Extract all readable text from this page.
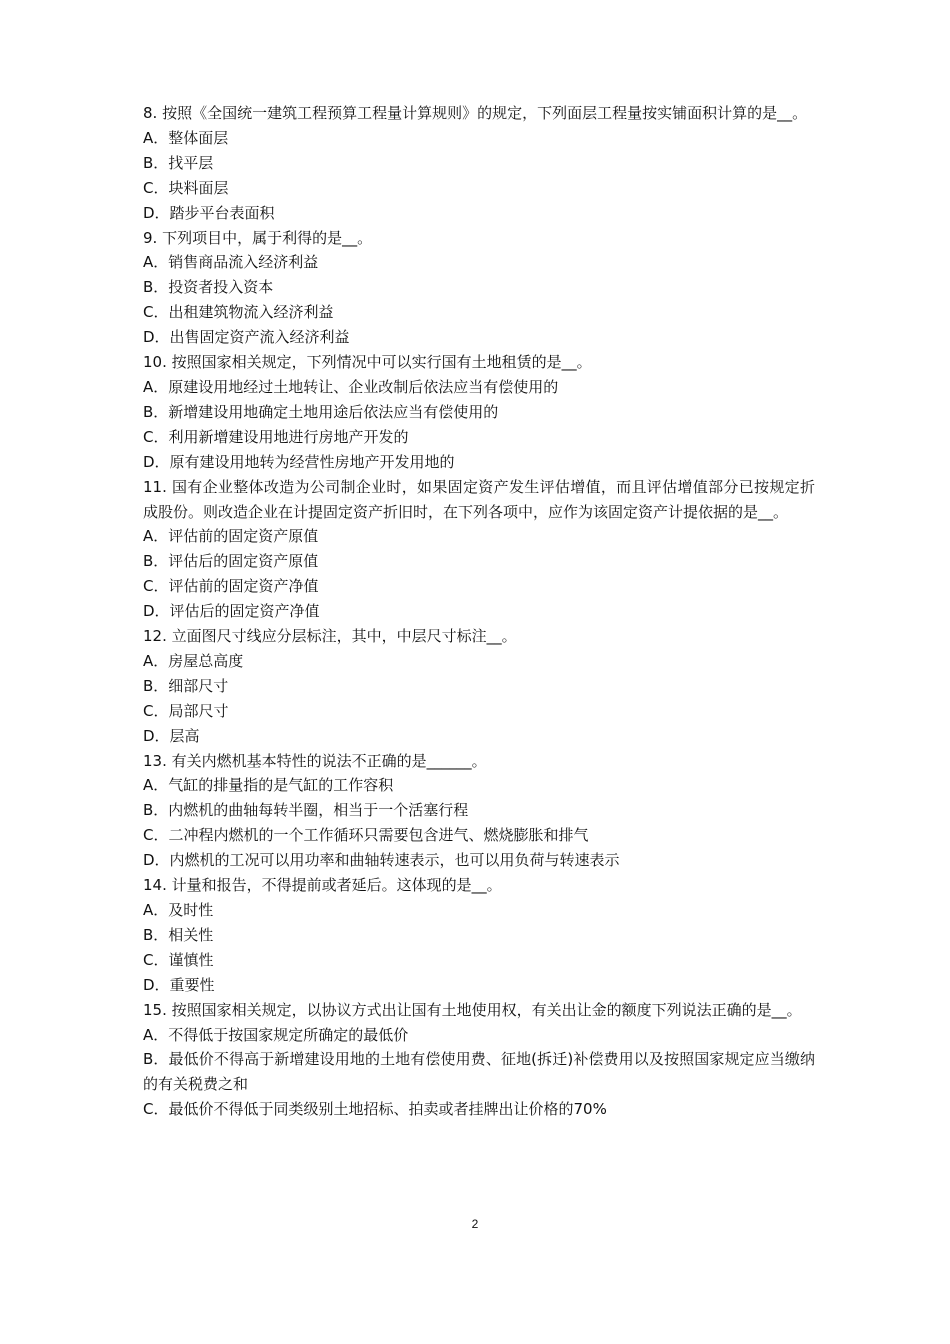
8. 按照《全国统一建筑工程预算工程量计算规则》的规定，下列面层工程量按实铺面积计算的是__。
A．整体面层
B．找平层
C．块料面层
D．踏步平台表面积
9. 下列项目中，属于利得的是__。
A．销售商品流入经济利益
B．投资者投入资本
C．出租建筑物流入经济利益
D．出售固定资产流入经济利益
10. 按照国家相关规定，下列情况中可以实行国有土地租赁的是__。
A．原建设用地经过土地转让、企业改制后依法应当有偿使用的
B．新增建设用地确定土地用途后依法应当有偿使用的
C．利用新增建设用地进行房地产开发的
D．原有建设用地转为经营性房地产开发用地的
11. 国有企业整体改造为公司制企业时，如果固定资产发生评估增值，而且评估增值部分已按规定折成股份。则改造企业在计提固定资产折旧时，在下列各项中，应作为该固定资产计提依据的是__。
A．评估前的固定资产原值
B．评估后的固定资产原值
C．评估前的固定资产净值
D．评估后的固定资产净值
12. 立面图尺寸线应分层标注，其中，中层尺寸标注__。
A．房屋总高度
B．细部尺寸
C．局部尺寸
D．层高
13. 有关内燃机基本特性的说法不正确的是______。
A．气缸的排量指的是气缸的工作容积
B．内燃机的曲轴每转半圈，相当于一个活塞行程
C．二冲程内燃机的一个工作循环只需要包含进气、燃烧膨胀和排气
D．内燃机的工况可以用功率和曲轴转速表示，也可以用负荷与转速表示
14. 计量和报告，不得提前或者延后。这体现的是__。
A．及时性
B．相关性
C．谨慎性
D．重要性
15. 按照国家相关规定，以协议方式出让国有土地使用权，有关出让金的额度下列说法正确的是__。
A．不得低于按国家规定所确定的最低价
B．最低价不得高于新增建设用地的土地有偿使用费、征地(拆迁)补偿费用以及按照国家规定应当缴纳的有关税费之和
C．最低价不得低于同类级别土地招标、拍卖或者挂牌出让价格的70%
2
